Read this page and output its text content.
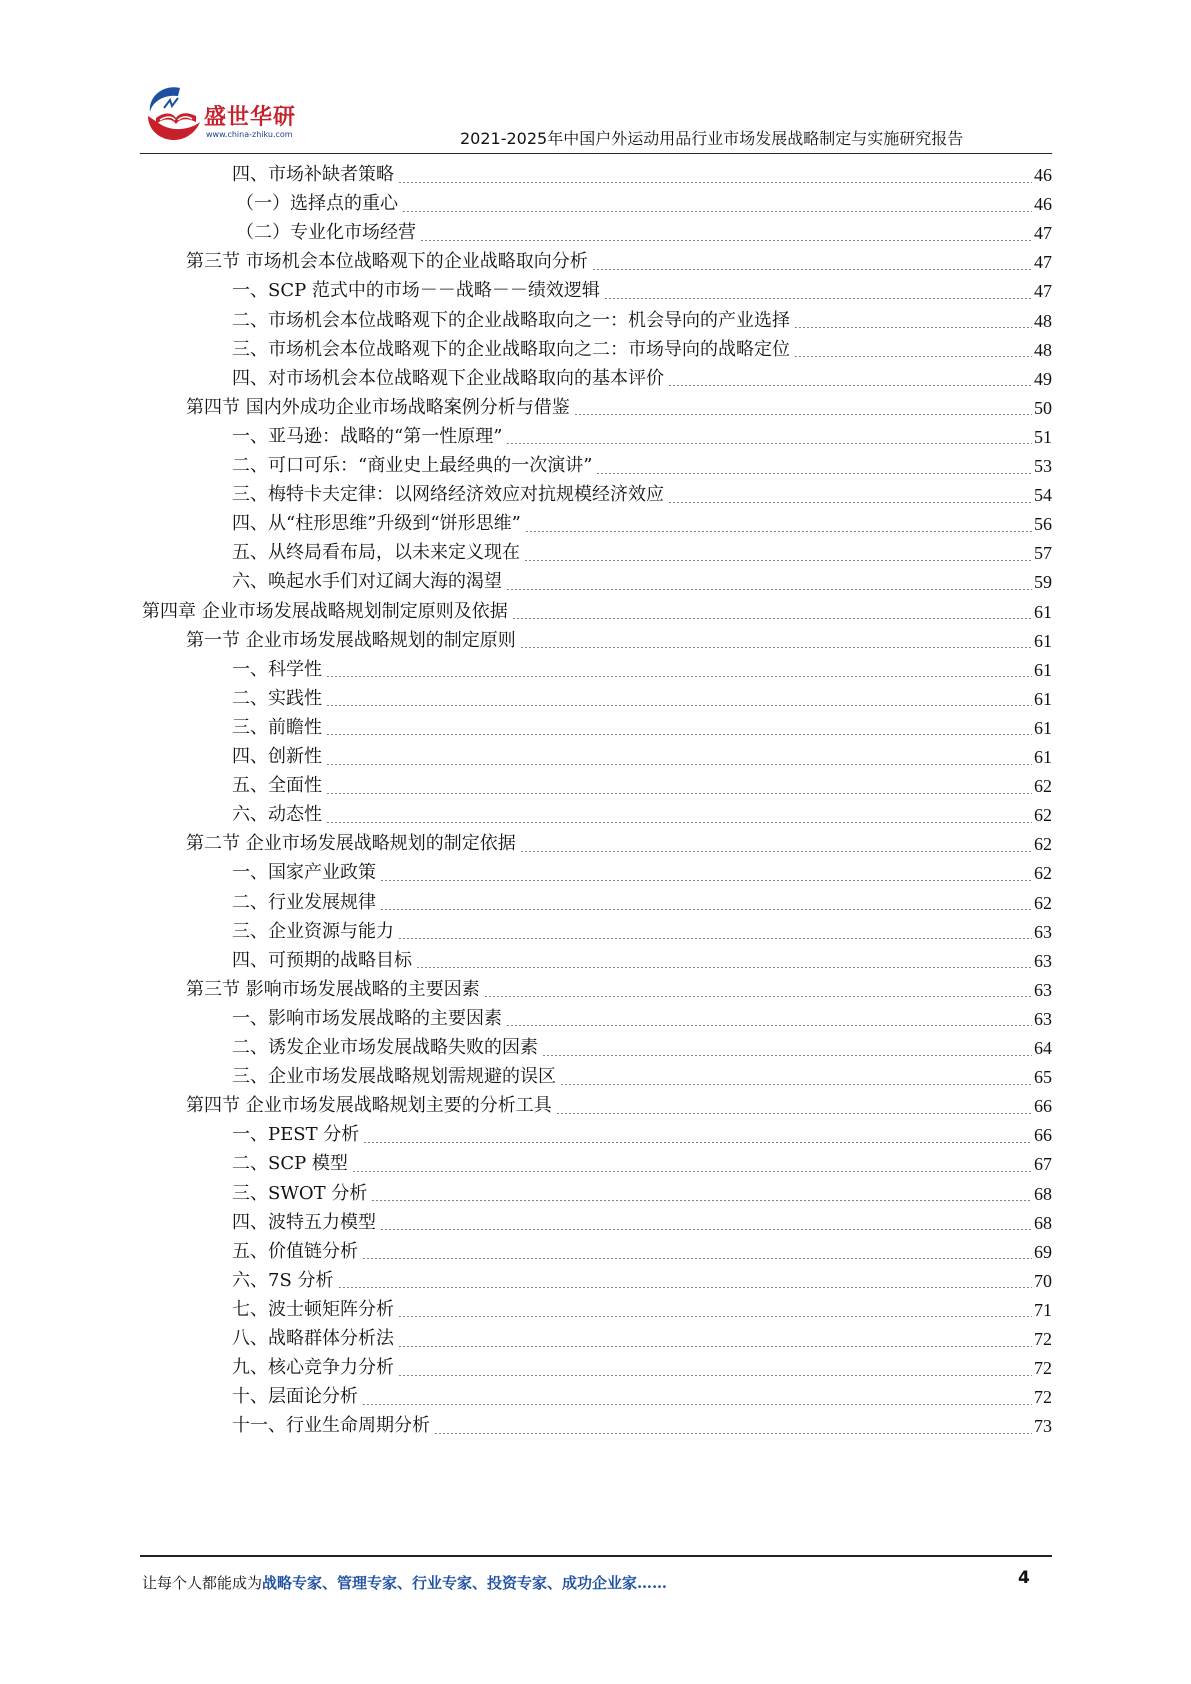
盛世华研
www.china-zhiku.com	2021-2025年中国户外运动用品行业市场发展战略制定与实施研究报告
四、市场补缺者策略	46
（一）选择点的重心	46
（二）专业化市场经营	47
第三节 市场机会本位战略观下的企业战略取向分析	47
一、SCP 范式中的市场－－战略－－绩效逻辑	47
二、市场机会本位战略观下的企业战略取向之一：机会导向的产业选择	48
三、市场机会本位战略观下的企业战略取向之二：市场导向的战略定位	48
四、对市场机会本位战略观下企业战略取向的基本评价	49
第四节 国内外成功企业市场战略案例分析与借鉴	50
一、亚马逊：战略的“第一性原理”	51
二、可口可乐：“商业史上最经典的一次演讲”	53
三、梅特卡夫定律：以网络经济效应对抗规模经济效应	54
四、从“柱形思维”升级到“饼形思维”	56
五、从终局看布局，以未来定义现在	57
六、唤起水手们对辽阔大海的渴望	59
第四章 企业市场发展战略规划制定原则及依据	61
第一节 企业市场发展战略规划的制定原则	61
一、科学性	61
二、实践性	61
三、前瞻性	61
四、创新性	61
五、全面性	62
六、动态性	62
第二节 企业市场发展战略规划的制定依据	62
一、国家产业政策	62
二、行业发展规律	62
三、企业资源与能力	63
四、可预期的战略目标	63
第三节 影响市场发展战略的主要因素	63
一、影响市场发展战略的主要因素	63
二、诱发企业市场发展战略失败的因素	64
三、企业市场发展战略规划需规避的误区	65
第四节 企业市场发展战略规划主要的分析工具	66
一、PEST 分析	66
二、SCP 模型	67
三、SWOT 分析	68
四、波特五力模型	68
五、价值链分析	69
六、7S 分析	70
七、波士顿矩阵分析	71
八、战略群体分析法	72
九、核心竞争力分析	72
十、层面论分析	72
十一、行业生命周期分析	73
让每个人都能成为战略专家、管理专家、行业专家、投资专家、成功企业家……	4
